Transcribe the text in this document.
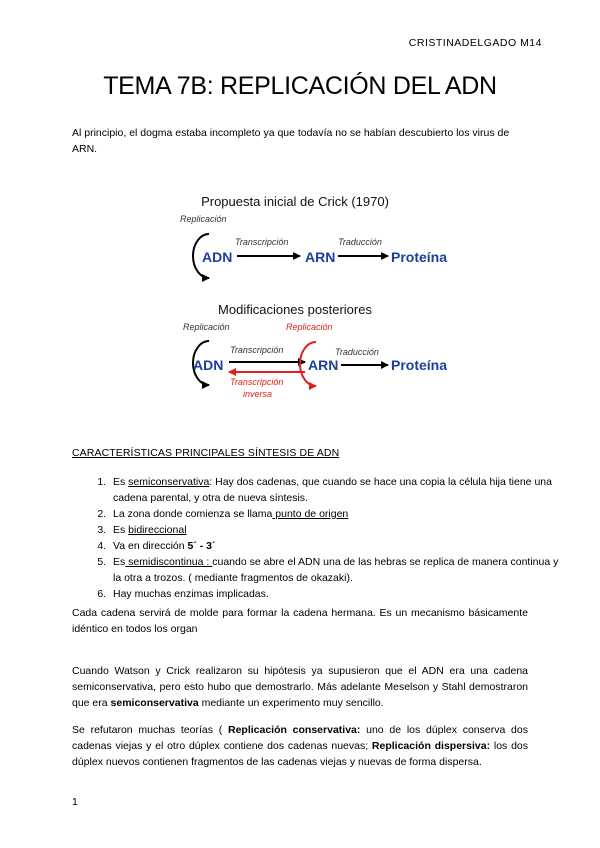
CRISTINADELGADO M14
TEMA 7B: REPLICACIÓN DEL ADN

Al principio, el dogma estaba incompleto ya que todavía no se habían descubierto los virus de ARN.

Propuesta inicial de Crick (1970)
Replicación
ADN
Transcripción
ARN
Traducción
Proteína
Modificaciones posteriores
Replicación
ADN
Transcripción
Transcripción
inversa
Replicación
ARN
Traducción
Proteína
CARACTERÍSTICAS PRINCIPALES SÍNTESIS DE ADN
1. Es semiconservativa: Hay dos cadenas, que cuando se hace una copia la célula hija tiene una cadena parental, y otra de nueva síntesis.
2. La zona donde comienza se llama punto de origen
3. Es bidireccional
4. Va en dirección 5´ - 3´
5. Es semidiscontinua : cuando se abre el ADN una de las hebras se replica de manera continua y la otra a trozos. ( mediante fragmentos de okazaki).
6. Hay muchas enzimas implicadas.

Cada cadena servirá de molde para formar la cadena hermana. Es un mecanismo básicamente idéntico en todos los organ

Cuando Watson y Crick realizaron su hipótesis ya supusieron que el ADN era una cadena semiconservativa, pero esto hubo que demostrarlo. Más adelante Meselson y Stahl demostraron que era semiconservativa mediante un experimento muy sencillo.

Se refutaron muchas teorías ( Replicación conservativa: uno de los dúplex conserva dos cadenas viejas y el otro dúplex contiene dos cadenas nuevas; Replicación dispersiva: los dos dúplex nuevos contienen fragmentos de las cadenas viejas y nuevas de forma dispersa.

1
